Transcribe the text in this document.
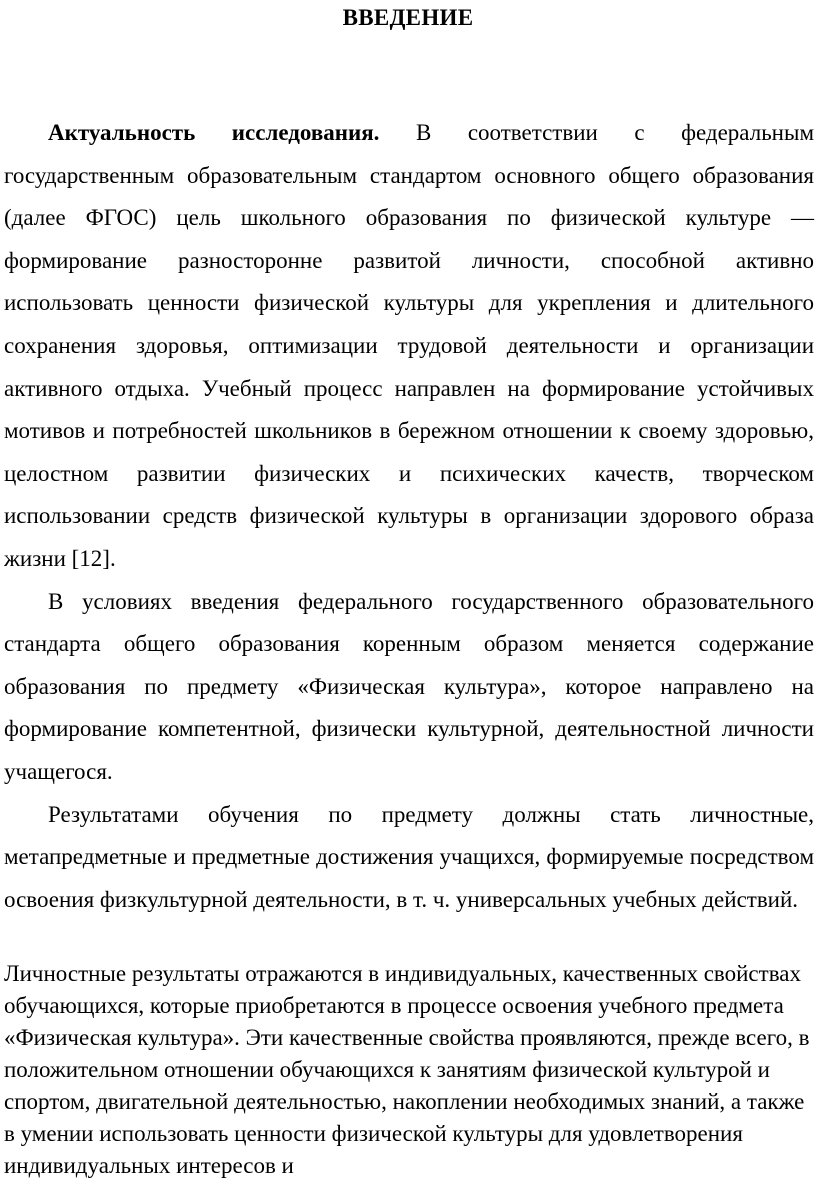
ВВЕДЕНИЕ

Актуальность исследования. В соответствии с федеральным государственным образовательным стандартом основного общего образования (далее ФГОС) цель школьного образования по физической культуре — формирование разносторонне развитой личности, способной активно использовать ценности физической культуры для укрепления и длительного сохранения здоровья, оптимизации трудовой деятельности и организации активного отдыха. Учебный процесс направлен на формирование устойчивых мотивов и потребностей школьников в бережном отношении к своему здоровью, целостном развитии физических и психических качеств, творческом использовании средств физической культуры в организации здорового образа жизни [12].

В условиях введения федерального государственного образовательного стандарта общего образования коренным образом меняется содержание образования по предмету «Физическая культура», которое направлено на формирование компетентной, физически культурной, деятельностной личности учащегося.

Результатами обучения по предмету должны стать личностные, метапредметные и предметные достижения учащихся, формируемые посредством освоения физкультурной деятельности, в т. ч. универсальных учебных действий.

Личностные результаты отражаются в индивидуальных, качественных свойствах обучающихся, которые приобретаются в процессе освоения учебного предмета «Физическая культура». Эти качественные свойства проявляются, прежде всего, в положительном отношении обучающихся к занятиям физической культурой и спортом, двигательной деятельностью, накоплении необходимых знаний, а также в умении использовать ценности физической культуры для удовлетворения индивидуальных интересов и
